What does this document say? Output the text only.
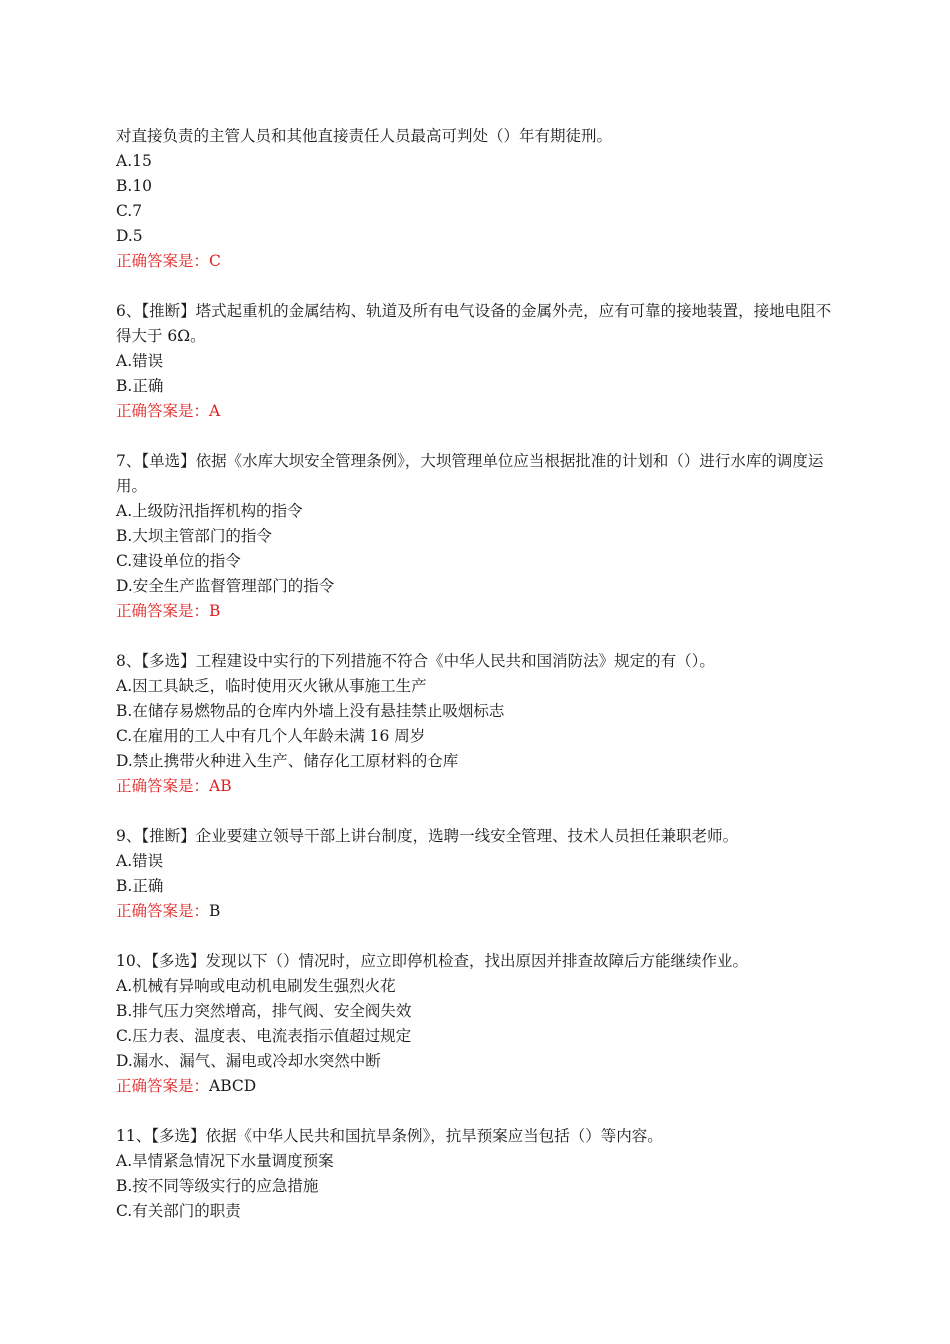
对直接负责的主管人员和其他直接责任人员最高可判处（）年有期徒刑。
A.15
B.10
C.7
D.5
正确答案是：C
6、【推断】塔式起重机的金属结构、轨道及所有电气设备的金属外壳，应有可靠的接地装置，接地电阻不得大于 6Ω。
A.错误
B.正确
正确答案是：A
7、【单选】依据《水库大坝安全管理条例》，大坝管理单位应当根据批准的计划和（）进行水库的调度运用。
A.上级防汛指挥机构的指令
B.大坝主管部门的指令
C.建设单位的指令
D.安全生产监督管理部门的指令
正确答案是：B
8、【多选】工程建设中实行的下列措施不符合《中华人民共和国消防法》规定的有（）。
A.因工具缺乏，临时使用灭火锹从事施工生产
B.在储存易燃物品的仓库内外墙上没有悬挂禁止吸烟标志
C.在雇用的工人中有几个人年龄未满 16 周岁
D.禁止携带火种进入生产、储存化工原材料的仓库
正确答案是：AB
9、【推断】企业要建立领导干部上讲台制度，选聘一线安全管理、技术人员担任兼职老师。
A.错误
B.正确
正确答案是：B
10、【多选】发现以下（）情况时，应立即停机检查，找出原因并排查故障后方能继续作业。
A.机械有异响或电动机电刷发生强烈火花
B.排气压力突然增高，排气阀、安全阀失效
C.压力表、温度表、电流表指示值超过规定
D.漏水、漏气、漏电或冷却水突然中断
正确答案是：ABCD
11、【多选】依据《中华人民共和国抗旱条例》，抗旱预案应当包括（）等内容。
A.旱情紧急情况下水量调度预案
B.按不同等级实行的应急措施
C.有关部门的职责
